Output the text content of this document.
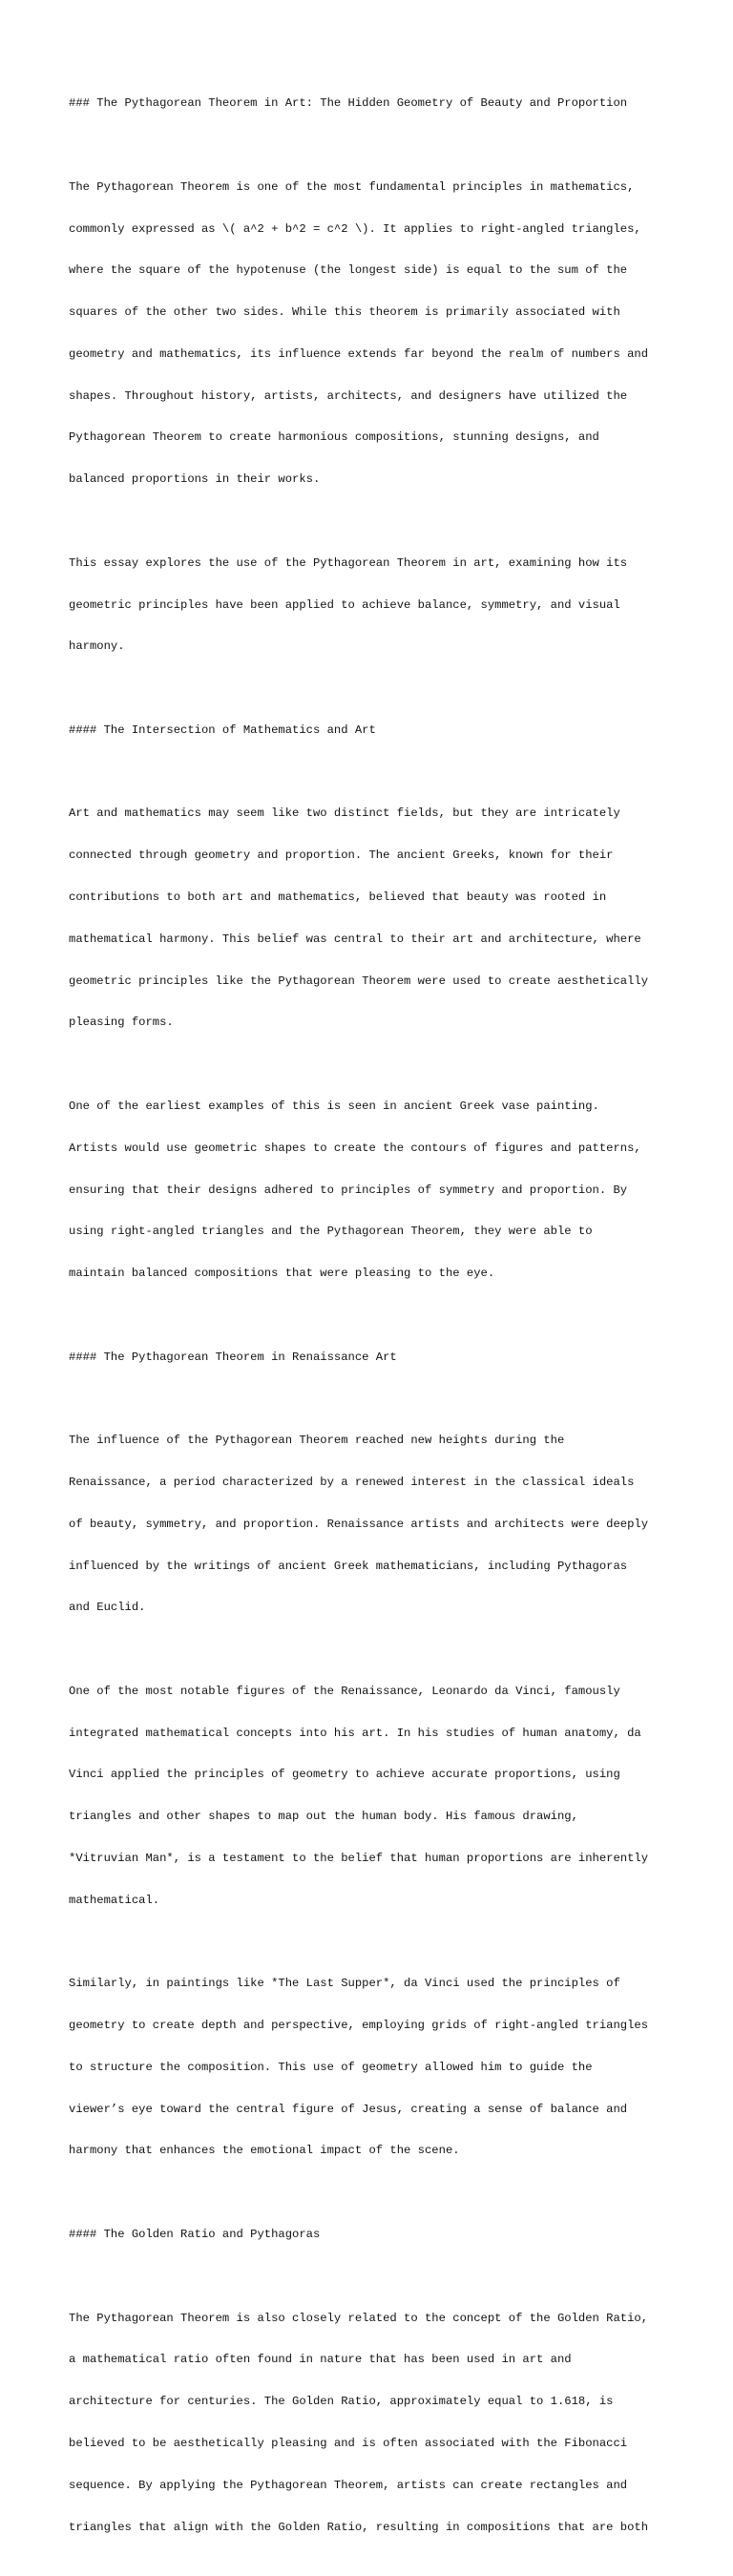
### The Pythagorean Theorem in Art: The Hidden Geometry of Beauty and Proportion

The Pythagorean Theorem is one of the most fundamental principles in mathematics,

commonly expressed as \( a^2 + b^2 = c^2 \). It applies to right-angled triangles,

where the square of the hypotenuse (the longest side) is equal to the sum of the

squares of the other two sides. While this theorem is primarily associated with

geometry and mathematics, its influence extends far beyond the realm of numbers and

shapes. Throughout history, artists, architects, and designers have utilized the

Pythagorean Theorem to create harmonious compositions, stunning designs, and

balanced proportions in their works.

This essay explores the use of the Pythagorean Theorem in art, examining how its

geometric principles have been applied to achieve balance, symmetry, and visual

harmony.

#### The Intersection of Mathematics and Art

Art and mathematics may seem like two distinct fields, but they are intricately

connected through geometry and proportion. The ancient Greeks, known for their

contributions to both art and mathematics, believed that beauty was rooted in

mathematical harmony. This belief was central to their art and architecture, where

geometric principles like the Pythagorean Theorem were used to create aesthetically

pleasing forms.

One of the earliest examples of this is seen in ancient Greek vase painting.

Artists would use geometric shapes to create the contours of figures and patterns,

ensuring that their designs adhered to principles of symmetry and proportion. By

using right-angled triangles and the Pythagorean Theorem, they were able to

maintain balanced compositions that were pleasing to the eye.

#### The Pythagorean Theorem in Renaissance Art

The influence of the Pythagorean Theorem reached new heights during the

Renaissance, a period characterized by a renewed interest in the classical ideals

of beauty, symmetry, and proportion. Renaissance artists and architects were deeply

influenced by the writings of ancient Greek mathematicians, including Pythagoras

and Euclid.

One of the most notable figures of the Renaissance, Leonardo da Vinci, famously

integrated mathematical concepts into his art. In his studies of human anatomy, da

Vinci applied the principles of geometry to achieve accurate proportions, using

triangles and other shapes to map out the human body. His famous drawing,

*Vitruvian Man*, is a testament to the belief that human proportions are inherently

mathematical.

Similarly, in paintings like *The Last Supper*, da Vinci used the principles of

geometry to create depth and perspective, employing grids of right-angled triangles

to structure the composition. This use of geometry allowed him to guide the

viewer’s eye toward the central figure of Jesus, creating a sense of balance and

harmony that enhances the emotional impact of the scene.

#### The Golden Ratio and Pythagoras

The Pythagorean Theorem is also closely related to the concept of the Golden Ratio,

a mathematical ratio often found in nature that has been used in art and

architecture for centuries. The Golden Ratio, approximately equal to 1.618, is

believed to be aesthetically pleasing and is often associated with the Fibonacci

sequence. By applying the Pythagorean Theorem, artists can create rectangles and

triangles that align with the Golden Ratio, resulting in compositions that are both
